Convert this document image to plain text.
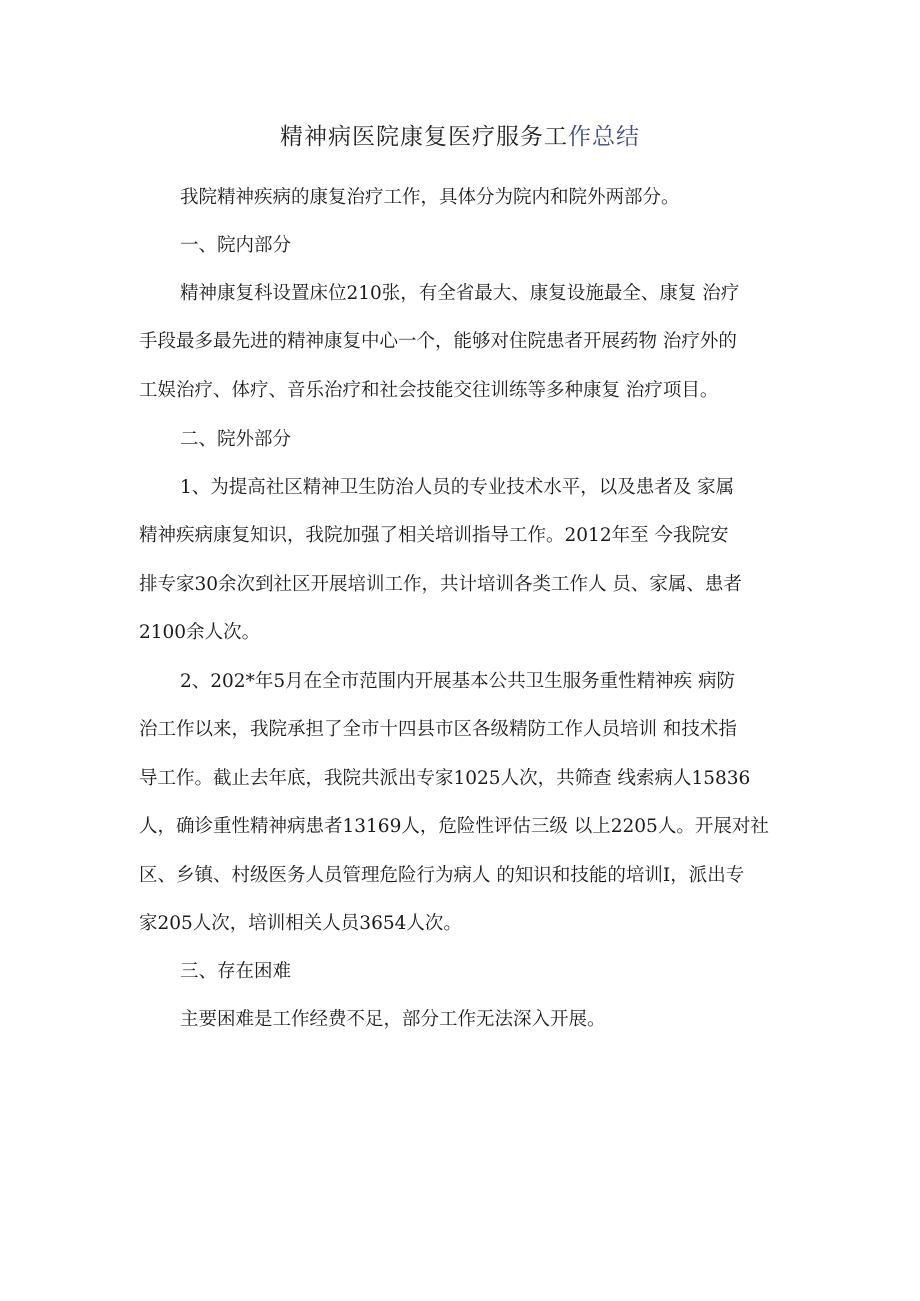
精神病医院康复医疗服务工作总结

我院精神疾病的康复治疗工作，具体分为院内和院外两部分。

一、院内部分

精神康复科设置床位210张，有全省最大、康复设施最全、康复 治疗
手段最多最先进的精神康复中心一个，能够对住院患者开展药物 治疗外的
工娱治疗、体疗、音乐治疗和社会技能交往训练等多种康复 治疗项目。

二、院外部分

1、为提高社区精神卫生防治人员的专业技术水平，以及患者及 家属
精神疾病康复知识，我院加强了相关培训指导工作。2012年至 今我院安
排专家30余次到社区开展培训工作，共计培训各类工作人 员、家属、患者
2100余人次。

2、202*年5月在全市范围内开展基本公共卫生服务重性精神疾 病防
治工作以来，我院承担了全市十四县市区各级精防工作人员培训 和技术指
导工作。截止去年底，我院共派出专家1025人次，共筛查 线索病人15836
人，确诊重性精神病患者13169人，危险性评估三级 以上2205人。开展对社
区、乡镇、村级医务人员管理危险行为病人 的知识和技能的培训I，派出专
家205人次，培训相关人员3654人次。

三、存在困难

主要困难是工作经费不足，部分工作无法深入开展。
